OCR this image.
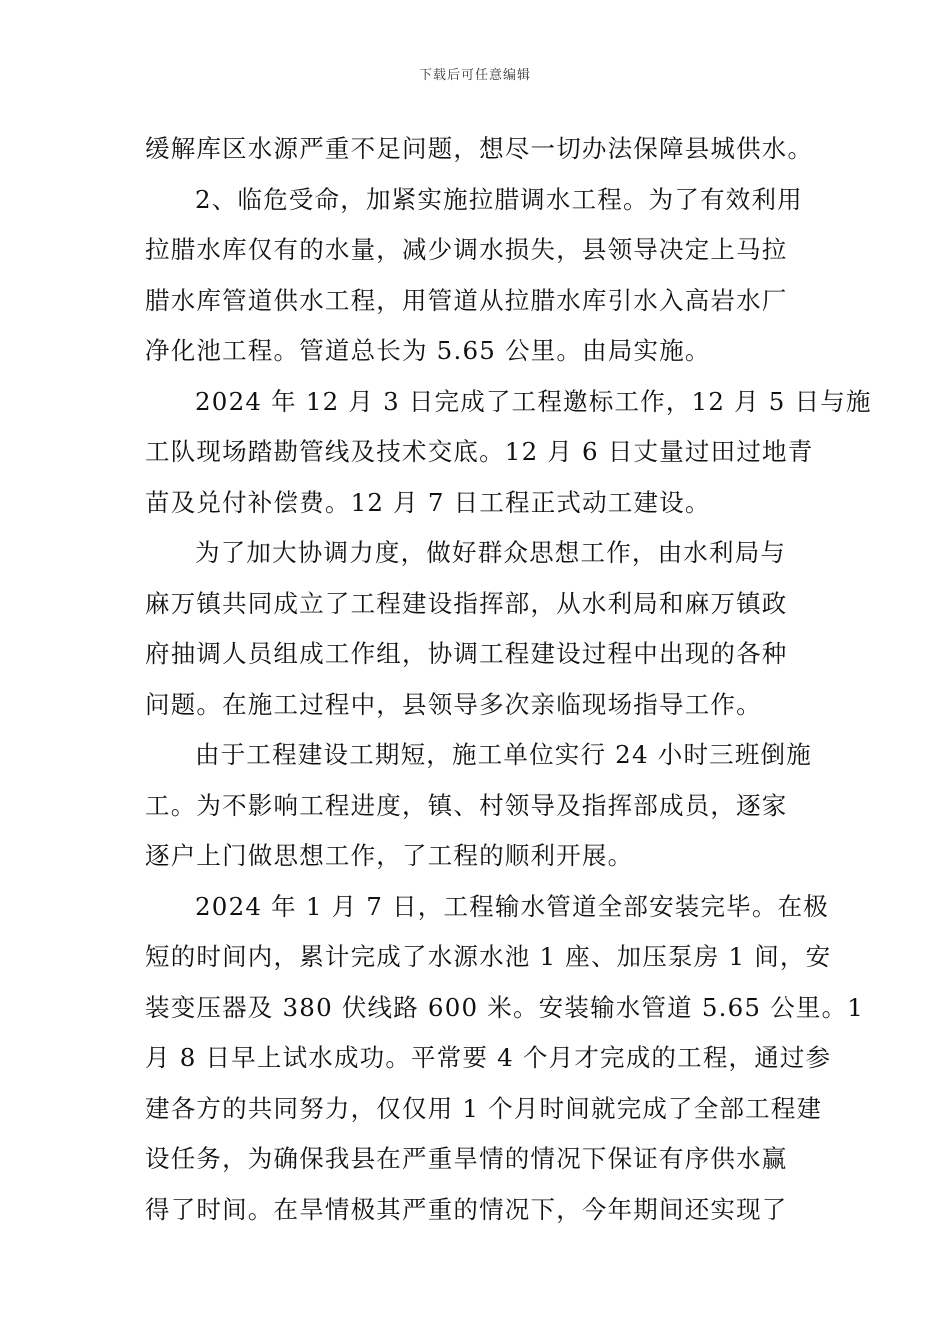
下载后可任意编辑
缓解库区水源严重不足问题，想尽一切办法保障县城供水。
2、临危受命，加紧实施拉腊调水工程。为了有效利用
拉腊水库仅有的水量，减少调水损失，县领导决定上马拉
腊水库管道供水工程，用管道从拉腊水库引水入高岩水厂
净化池工程。管道总长为 5.65 公里。由局实施。
2024 年 12 月 3 日完成了工程邀标工作，12 月 5 日与施
工队现场踏勘管线及技术交底。12 月 6 日丈量过田过地青
苗及兑付补偿费。12 月 7 日工程正式动工建设。
为了加大协调力度，做好群众思想工作，由水利局与
麻万镇共同成立了工程建设指挥部，从水利局和麻万镇政
府抽调人员组成工作组，协调工程建设过程中出现的各种
问题。在施工过程中，县领导多次亲临现场指导工作。
由于工程建设工期短，施工单位实行 24 小时三班倒施
工。为不影响工程进度，镇、村领导及指挥部成员，逐家
逐户上门做思想工作，了工程的顺利开展。
2024 年 1 月 7 日，工程输水管道全部安装完毕。在极
短的时间内，累计完成了水源水池 1 座、加压泵房 1 间，安
装变压器及 380 伏线路 600 米。安装输水管道 5.65 公里。1
月 8 日早上试水成功。平常要 4 个月才完成的工程，通过参
建各方的共同努力，仅仅用 1 个月时间就完成了全部工程建
设任务，为确保我县在严重旱情的情况下保证有序供水赢
得了时间。在旱情极其严重的情况下，今年期间还实现了
